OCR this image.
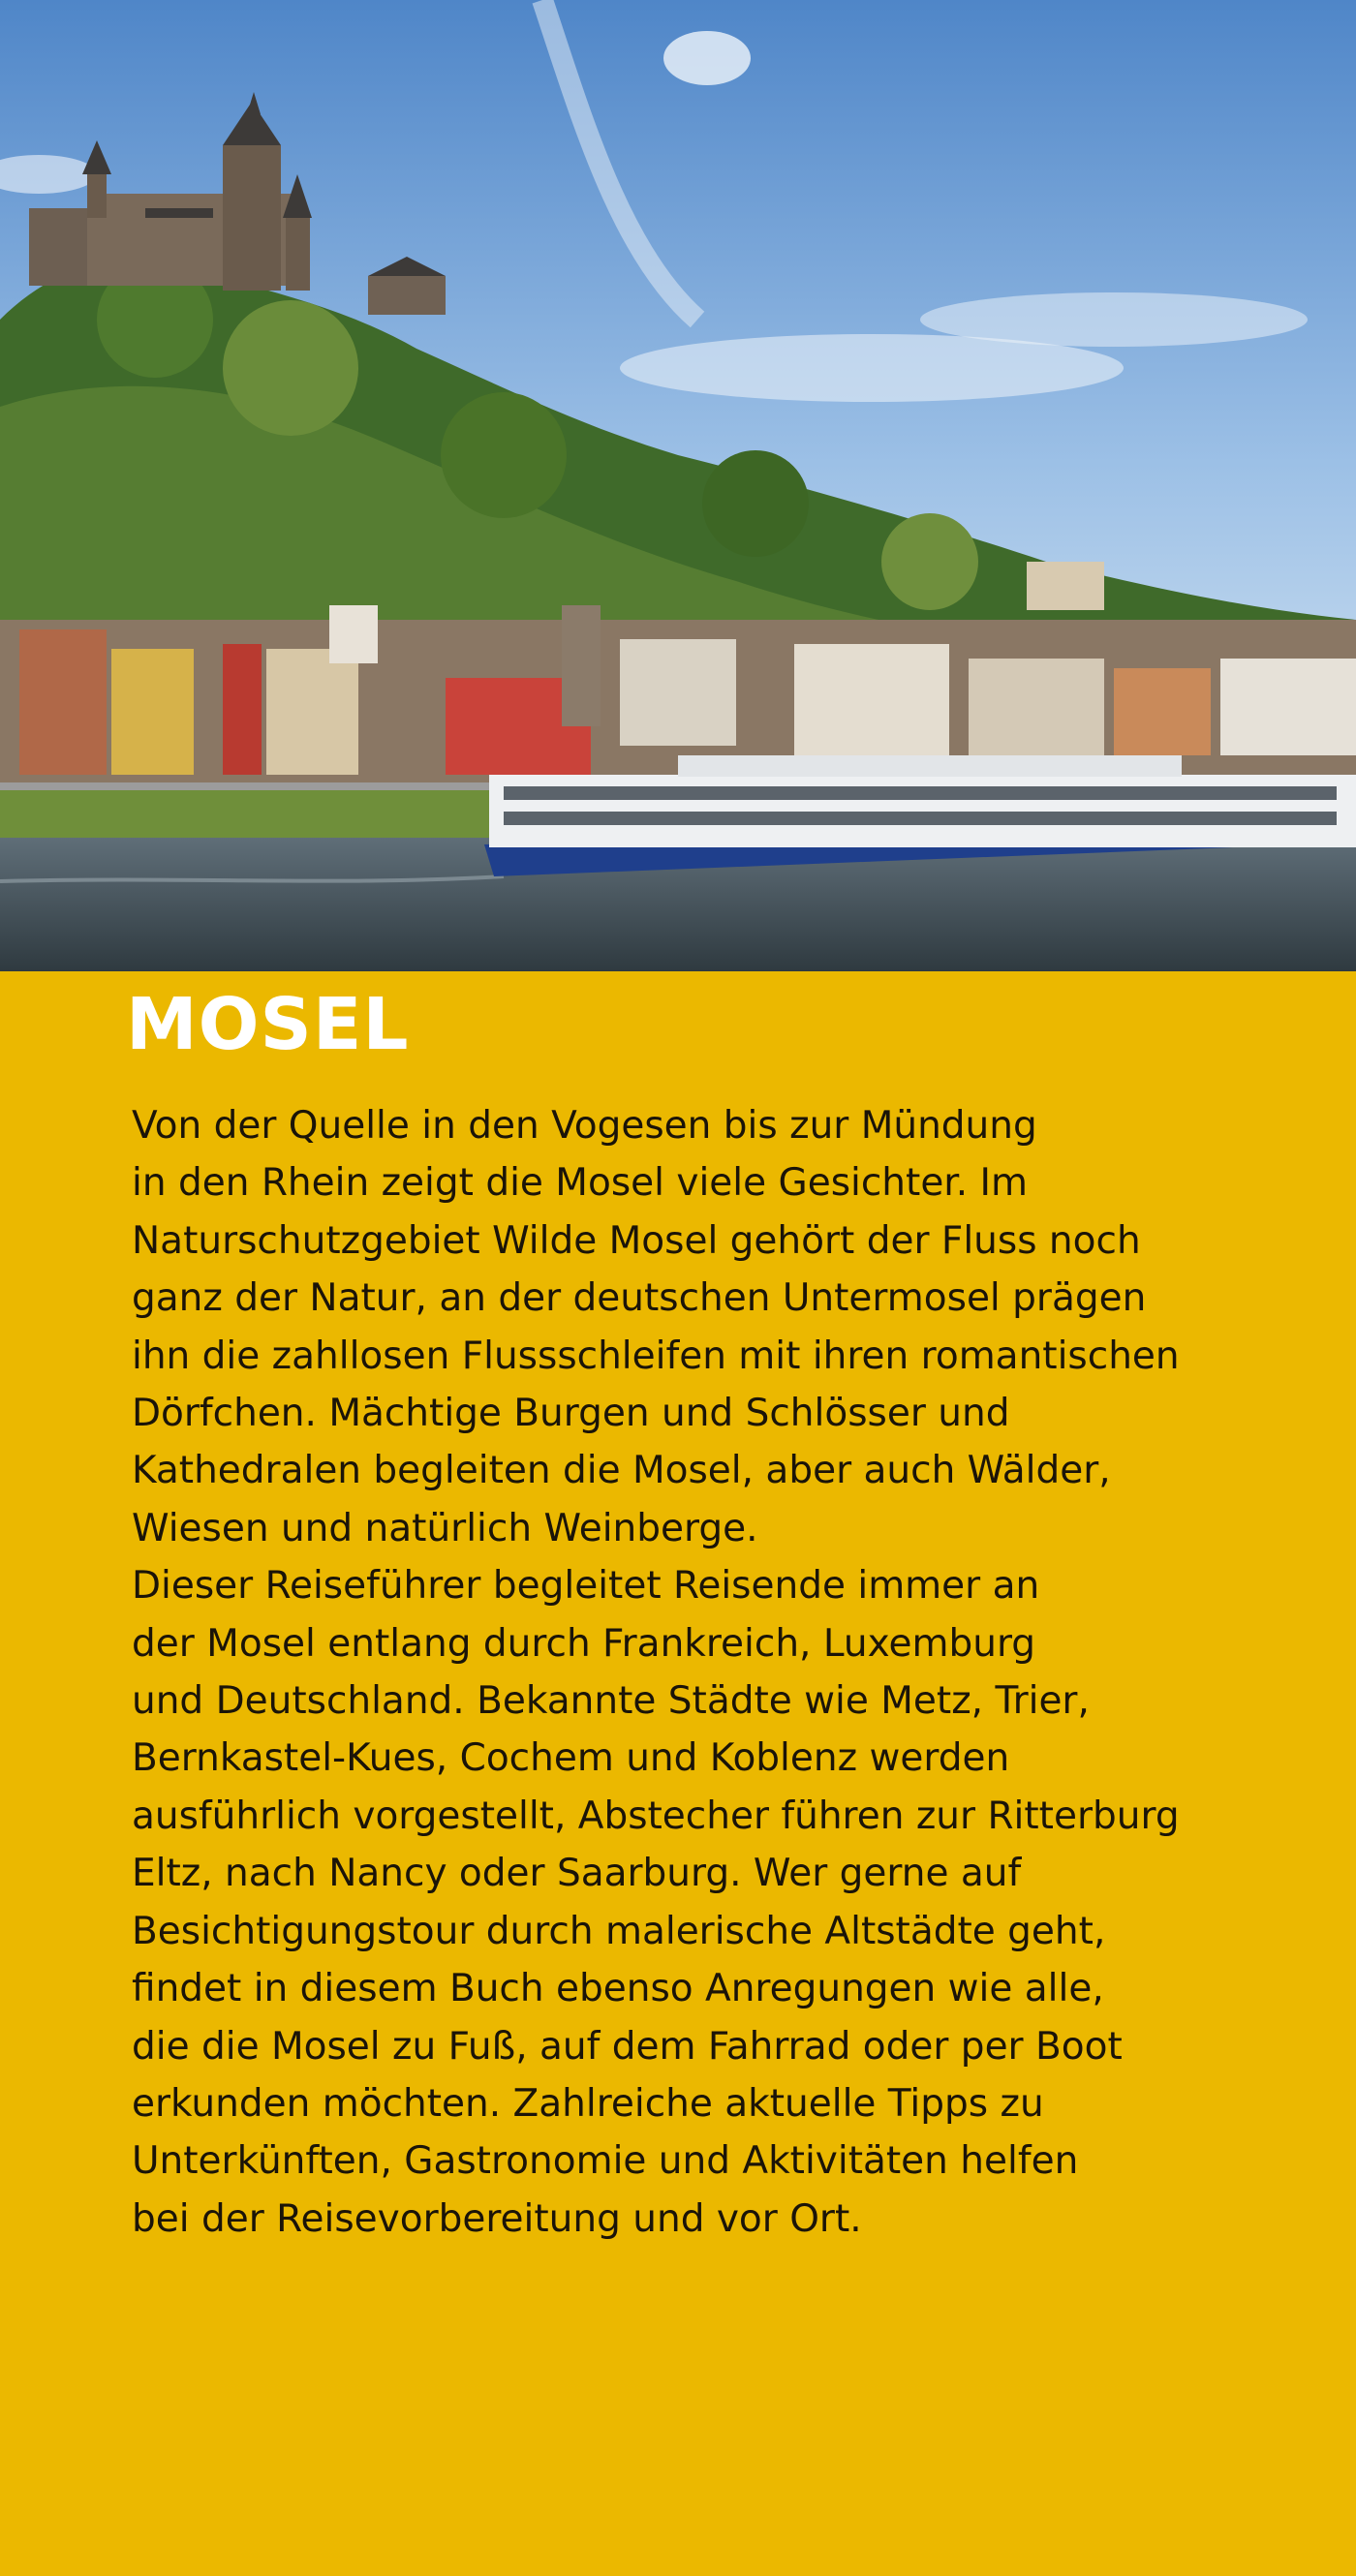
MOSEL
Von der Quelle in den Vogesen bis zur Mündung
in den Rhein zeigt die Mosel viele Gesichter. Im
Naturschutzgebiet Wilde Mosel gehört der Fluss noch
ganz der Natur, an der deutschen Untermosel prägen
ihn die zahllosen Flussschleifen mit ihren romantischen
Dörfchen. Mächtige Burgen und Schlösser und
Kathedralen begleiten die Mosel, aber auch Wälder,
Wiesen und natürlich Weinberge.
Dieser Reiseführer begleitet Reisende immer an
der Mosel entlang durch Frankreich, Luxemburg
und Deutschland. Bekannte Städte wie Metz, Trier,
Bernkastel-Kues, Cochem und Koblenz werden
ausführlich vorgestellt, Abstecher führen zur Ritterburg
Eltz, nach Nancy oder Saarburg. Wer gerne auf
Besichtigungstour durch malerische Altstädte geht,
findet in diesem Buch ebenso Anregungen wie alle,
die die Mosel zu Fuß, auf dem Fahrrad oder per Boot
erkunden möchten. Zahlreiche aktuelle Tipps zu
Unterkünften, Gastronomie und Aktivitäten helfen
bei der Reisevorbereitung und vor Ort.
